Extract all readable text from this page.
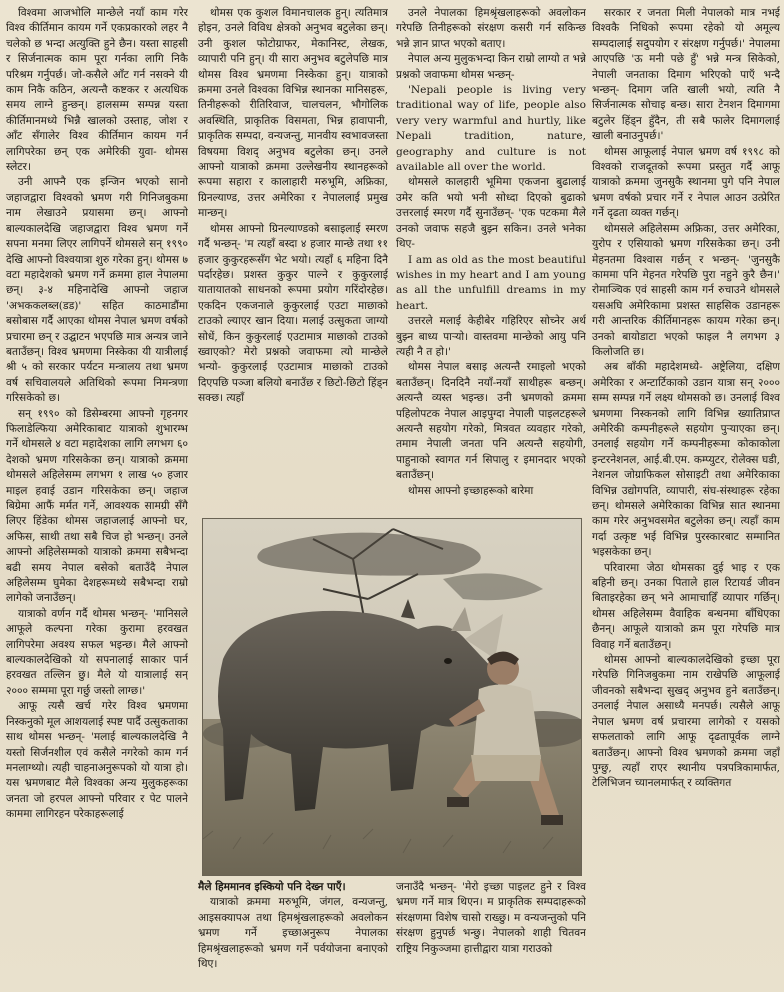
विश्वमा आजभोलि मान्छेले नयाँ काम गरेर विश्व कीर्तिमान कायम गर्ने एकप्रकारको लहर नै चलेको छ भन्दा अत्युक्ति हुने छैन। यस्ता साहसी र सिर्जनात्मक काम पूरा गर्नका लागि निकै परिश्रम गर्नुपर्छ। जो-कसैले आँट गर्न नसक्ने यी काम निकै कठिन, अत्यन्तै कष्टकर र अत्यधिक समय लाग्ने हुन्छन्। हालसम्म सम्पन्न यस्ता कीर्तिमानमध्ये भिन्नै खालको उस्ताह, जोश र आँट सँगालेर विश्व कीर्तिमान कायम गर्न लागिपरेका छन् एक अमेरिकी युवा- थोमस स्लेटर।

उनी आफ्नै एक इन्जिन भएको सानो जहाजद्वारा विश्वको भ्रमण गरी गिनिजबुकमा नाम लेखाउने प्रयासमा छन्। आफ्नो बाल्यकालदेखि जहाजद्वारा विश्व भ्रमण गर्ने सपना मनमा लिएर लागिपर्ने थोमसले सन् १९९० देखि आफ्नो विश्वयात्रा शुरु गरेका हुन्। थोमस ७ वटा महादेशको भ्रमण गर्ने क्रममा हाल नेपालमा छन्। ३-४ महिनादेखि आफ्नो जहाज 'अभककलब्ल(डड)' सहित काठमाडौंमा बसोबास गर्दै आएका थोमस नेपाल भ्रमण वर्षको प्रचारमा छन् र उद्घाटन भएपछि मात्र अन्यत्र जाने बताउँछन्। विश्व भ्रमणमा निस्केका यी यात्रीलाई श्री ५ को सरकार पर्यटन मन्त्रालय तथा भ्रमण वर्ष सचिवालयले अतिथिको रूपमा निमन्त्रणा गरिसकेको छ।

सन् १९९० को डिसेम्बरमा आफ्नो गृहनगर फिलाडेल्फिया अमेरिकाबाट यात्राको शुभारम्भ गर्ने थोमसले ४ वटा महादेशका लागि लगभग ६० देशको भ्रमण गरिसकेका छन्। यात्राको क्रममा थोमसले अहिलेसम्म लगभग १ लाख ५० हजार माइल हवाई उडान गरिसकेका छन्। जहाज बिग्रेमा आफैं मर्मत गर्ने, आवश्यक सामग्री सँगै लिएर हिंडेका थोमस जहाजलाई आफ्नो घर, अफिस, साथी तथा सबै चिज हो भन्छन्। उनले आफ्नो अहिलेसम्मको यात्राको क्रममा सबैभन्दा बढी समय नेपाल बसेको बताउँदै नेपाल अहिलेसम्म घुमेका देशहरूमध्ये सबैभन्दा राम्रो लागेको जनाउँछन्।

यात्राको वर्णन गर्दै थोमस भन्छन्- 'मानिसले आफूले कल्पना गरेका कुरामा हरवखत लागिपरेमा अवश्य सफल भइन्छ। मैले आफ्नो बाल्यकालदेखिको यो सपनालाई साकार पार्न हरवखत तल्लिन छु। मैले यो यात्रालाई सन् २००० सम्ममा पूरा गर्छु जस्तो लाग्छ।'

आफू त्यसै खर्च गरेर विश्व भ्रमणमा निस्कनुको मूल आशयलाई स्पष्ट पार्दै उत्सुकताका साथ थोमस भन्छन्- 'मलाई बाल्यकालदेखि नै यस्तो सिर्जनशील एवं कसैले नगरेको काम गर्न मनलाग्थ्यो। त्यही चाहनाअनुरूपको यो यात्रा हो। यस भ्रमणबाट मैले विश्वका अन्य मुलुकहरूका जनता जो हरपल आफ्नो परिवार र पेट पालने काममा लागिरहन परेकाहरूलाई

थोमस एक कुशल विमानचालक हुन्। त्यतिमात्र होइन, उनले विविध क्षेत्रको अनुभव बटुलेका छन्। उनी कुशल फोटोग्राफर, मेकानिस्ट, लेखक, व्यापारी पनि हुन्। यी सारा अनुभव बटुलेपछि मात्र थोमस विश्व भ्रमणमा निस्केका हुन्। यात्राको क्रममा उनले विश्वका विभिन्न स्थानका मानिसहरू, तिनीहरूको रीतिरिवाज, चालचलन, भौगोलिक अवस्थिति, प्राकृतिक विसमता, भिन्न हावापानी, प्राकृतिक सम्पदा, वन्यजन्तु, मानवीय स्वभावजस्ता विषयमा विशद् अनुभव बटुलेका छन्। उनले आफ्नो यात्राको क्रममा उल्लेखनीय स्थानहरूको रूपमा सहारा र कालाहारी मरुभूमि, अफ्रिका, ग्रिनल्याण्ड, उत्तर अमेरिका र नेपाललाई प्रमुख मान्छन्।

थोमस आफ्नो ग्रिनल्याण्डको बसाइलाई स्मरण गर्दै भन्छन्- 'म त्यहाँ बस्दा ४ हजार मान्छे तथा ११ हजार कुकुरहरूसँग भेट भयो। त्यहाँ ६ महिना दिनै पर्दारहेछ। प्रशस्त कुकुर पाल्ने र कुकुरलाई यातायातको साधनको रूपमा प्रयोग गरिंदोरहेछ। एकदिन एकजनाले कुकुरलाई एउटा माछाको टाउको ल्याएर खान दिया। मलाई उत्सुकता जाग्यो सोधें, किन कुकुरलाई एउटामात्र माछाको टाउको ख्वाएको? मेरो प्रश्नको जवाफमा त्यो मान्छेले भन्यो- कुकुरलाई एउटामात्र माछाको टाउको दिएपछि पञ्जा बलियो बनाउँछ र छिटो-छिटो हिंड्न सक्छ। त्यहाँ

उनले नेपालका हिमश्रृंखलाहरूको अवलोकन गरेपछि तिनीहरूको संरक्षण कसरी गर्न सकिन्छ भन्ने ज्ञान प्राप्त भएको बताए।

नेपाल अन्य मुलुकभन्दा किन राम्रो लाग्यो त भन्ने प्रश्नको जवाफमा थोमस भन्छन्-

'Nepali people is living very traditional way of life, people also very very warmful and hurtly, like Nepali tradition, nature, geography and culture is not available all over the world.

थोमसले कालहारी भूमिमा एकजना बुढालाई उमेर कति भयो भनी सोध्दा दिएको बुढाको उत्तरलाई स्मरण गर्दै सुनाउँछन्- 'एक पटकमा मैले उनको जवाफ सहजै बुझ्न सकिन। उनले भनेका थिए-

I am as old as the most beautiful wishes in my heart and I am young as all the unfulfill dreams in my heart.

उत्तरले मलाई केहीबेर गहिरिएर सोच्नेर अर्थ बुझ्न बाध्य पाऱ्यो। वास्तवमा मान्छेको आयु पनि त्यही नै त हो।'

थोमस नेपाल बसाइ अत्यन्तै रमाइलो भएको बताउँछन्। दिनदिनै नयाँ-नयाँ साथीहरू बन्छन्। अत्यन्तै व्यस्त भइन्छ। उनी भ्रमणको क्रममा पहिलोपटक नेपाल आइपुग्दा नेपाली पाइलटहरूले अत्यन्तै सहयोग गरेको, मित्रवत व्यवहार गरेको, तमाम नेपाली जनता पनि अत्यन्तै सहयोगी, पाहुनाको स्वागत गर्न सिपालु र इमानदार भएको बताउँछन्।

थोमस आफ्नो इच्छाहरूको बारेमा

सरकार र जनता मिली नेपालको मात्र नभई विश्वकै निधिको रूपमा रहेको यो अमूल्य सम्पदालाई सदुपयोग र संरक्षण गर्नुपर्छ।' नेपालमा आएपछि 'ऊ मनी पछे हुँ' भन्ने मन्त्र सिकेको, नेपाली जनताका दिमाग भरिएको पाएँ भन्दै भन्छन्- दिमाग जति खाली भयो, त्यति नै सिर्जनात्मक सोचाइ बन्छ। सारा टेनशन दिमागमा बटुलेर हिंड्न हुँदैन, ती सबै फालेर दिमागलाई खाली बनाउनुपर्छ।'

थोमस आफूलाई नेपाल भ्रमण वर्ष १९९८ को विश्वको राजदूतको रूपमा प्रस्तुत गर्दै आफू यात्राको क्रममा जुनसुकै स्थानमा पुगे पनि नेपाल भ्रमण वर्षको प्रचार गर्ने र नेपाल आउन उत्प्रेरित गर्ने दृढता व्यक्त गर्छन्।

थोमसले अहिलेसम्म अफ्रिका, उत्तर अमेरिका, युरोप र एसियाको भ्रमण गरिसकेका छन्। उनी मेहनतमा विश्वास गर्छन् र भन्छन्- 'जुनसुकै काममा पनि मेहनत गरेपछि पुरा नहुने कुरै छैन।' रोमाञ्चिक एवं साहसी काम गर्न रुचाउने थोमसले यसअघि अमेरिकामा प्रशस्त साहसिक उडानहरू गरी आन्तरिक कीर्तिमानहरू कायम गरेका छन्। उनको बायोडाटा भएको फाइल नै लगभग ३ किलोजति छ।

अब बाँकी महादेशमध्ये- अष्ट्रेलिया, दक्षिण अमेरिका र अन्टार्टिकाको उडान यात्रा सन् २००० सम्म सम्पन्न गर्ने लक्ष्य थोमसको छ। उनलाई विश्व भ्रमणमा निस्कनको लागि विभिन्न ख्यातिप्राप्त अमेरिकी कम्पनीहरूले सहयोग पुऱ्याएका छन्। उनलाई सहयोग गर्ने कम्पनीहरूमा कोकाकोला इन्टरनेशनल, आई.बी.एम. कम्प्युटर, रोलेक्स घडी, नेशनल जोग्राफिकल सोसाइटी तथा अमेरिकाका विभिन्न उद्योगपति, व्यापारी, संघ-संस्थाहरू रहेका छन्। थोमसले अमेरिकाका विभिन्न सात स्थानमा काम गरेर अनुभवसमेत बटुलेका छन्। त्यहाँ काम गर्दा उत्कृष्ट भई विभिन्न पुरस्कारबाट सम्मानित भइसकेका छन्।

परिवारमा जेठा थोमसका दुई भाइ र एक बहिनी छन्। उनका पिताले हाल रिटायर्ड जीवन बिताइरहेका छन् भने आमाचाहिँ व्यापार गर्छिन्। थोमस अहिलेसम्म वैवाहिक बन्धनमा बाँधिएका छैनन्। आफूले यात्राको क्रम पूरा गरेपछि मात्र विवाह गर्ने बताउँछन्।

थोमस आफ्नो बाल्यकालदेखिको इच्छा पूरा गरेपछि गिनिजबुकमा नाम राखेपछि आफूलाई जीवनको सबैभन्दा सुखद् अनुभव हुने बताउँछन्। उनलाई नेपाल असाध्यै मनपर्छ। त्यसैले आफू नेपाल भ्रमण वर्ष प्रचारमा लागेको र यसको सफलताको लागि आफू दृढतापूर्वक लाग्ने बताउँछन्। आफ्नो विश्व भ्रमणको क्रममा जहाँ पुग्छु, त्यहाँ राएर स्थानीय पत्रपत्रिकामार्फत, टेलिभिजन च्यानलमार्फत् र व्यक्तिगत

मैले हिममानव इस्कियो पनि देख्न पाएँ।

यात्राको क्रममा मरुभूमि, जंगल, वन्यजन्तु, आइसक्यापअ तथा हिमश्रृंखलाहरूको अवलोकन भ्रमण गर्ने इच्छाअनुरूप नेपालका हिमश्रृंखलाहरूको भ्रमण गर्ने पर्वयोजना बनाएको थिए।

जनाउँदै भन्छन्- 'मेरो इच्छा पाइलट हुने र विश्व भ्रमण गर्ने मात्र थिएन। म प्राकृतिक सम्पदाहरूको संरक्षणमा विशेष चासो राख्छु। म वन्यजन्तुको पनि संरक्षण हुनुपर्छ भन्छु। नेपालको शाही चितवन राष्ट्रिय निकुञ्जमा हात्तीद्वारा यात्रा गराउको
